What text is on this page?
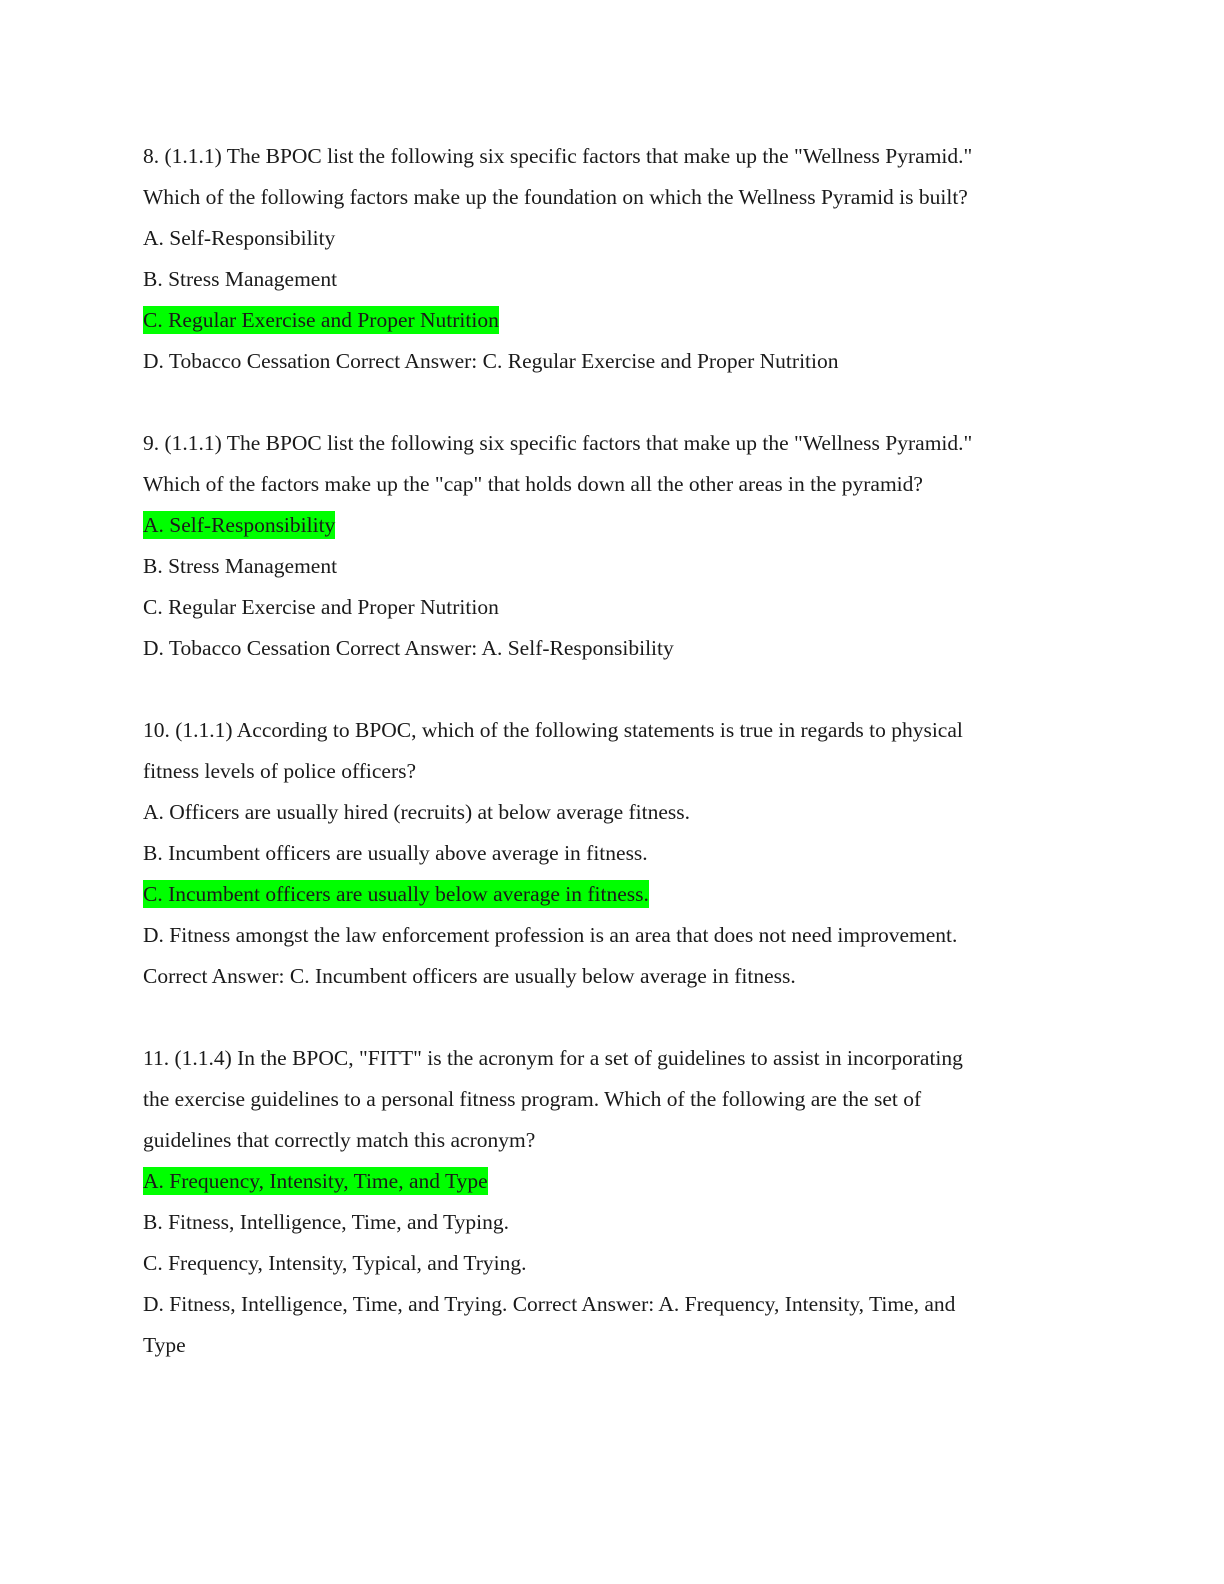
8. (1.1.1) The BPOC list the following six specific factors that make up the "Wellness Pyramid."
Which of the following factors make up the foundation on which the Wellness Pyramid is built?
A. Self-Responsibility
B. Stress Management
C. Regular Exercise and Proper Nutrition
D. Tobacco Cessation Correct Answer: C. Regular Exercise and Proper Nutrition
9. (1.1.1) The BPOC list the following six specific factors that make up the "Wellness Pyramid."
Which of the factors make up the "cap" that holds down all the other areas in the pyramid?
A. Self-Responsibility
B. Stress Management
C. Regular Exercise and Proper Nutrition
D. Tobacco Cessation Correct Answer: A. Self-Responsibility
10. (1.1.1) According to BPOC, which of the following statements is true in regards to physical
fitness levels of police officers?
A. Officers are usually hired (recruits) at below average fitness.
B. Incumbent officers are usually above average in fitness.
C. Incumbent officers are usually below average in fitness.
D. Fitness amongst the law enforcement profession is an area that does not need improvement.
Correct Answer: C. Incumbent officers are usually below average in fitness.
11. (1.1.4) In the BPOC, "FITT" is the acronym for a set of guidelines to assist in incorporating
the exercise guidelines to a personal fitness program. Which of the following are the set of
guidelines that correctly match this acronym?
A. Frequency, Intensity, Time, and Type
B. Fitness, Intelligence, Time, and Typing.
C. Frequency, Intensity, Typical, and Trying.
D. Fitness, Intelligence, Time, and Trying. Correct Answer: A. Frequency, Intensity, Time, and
Type
